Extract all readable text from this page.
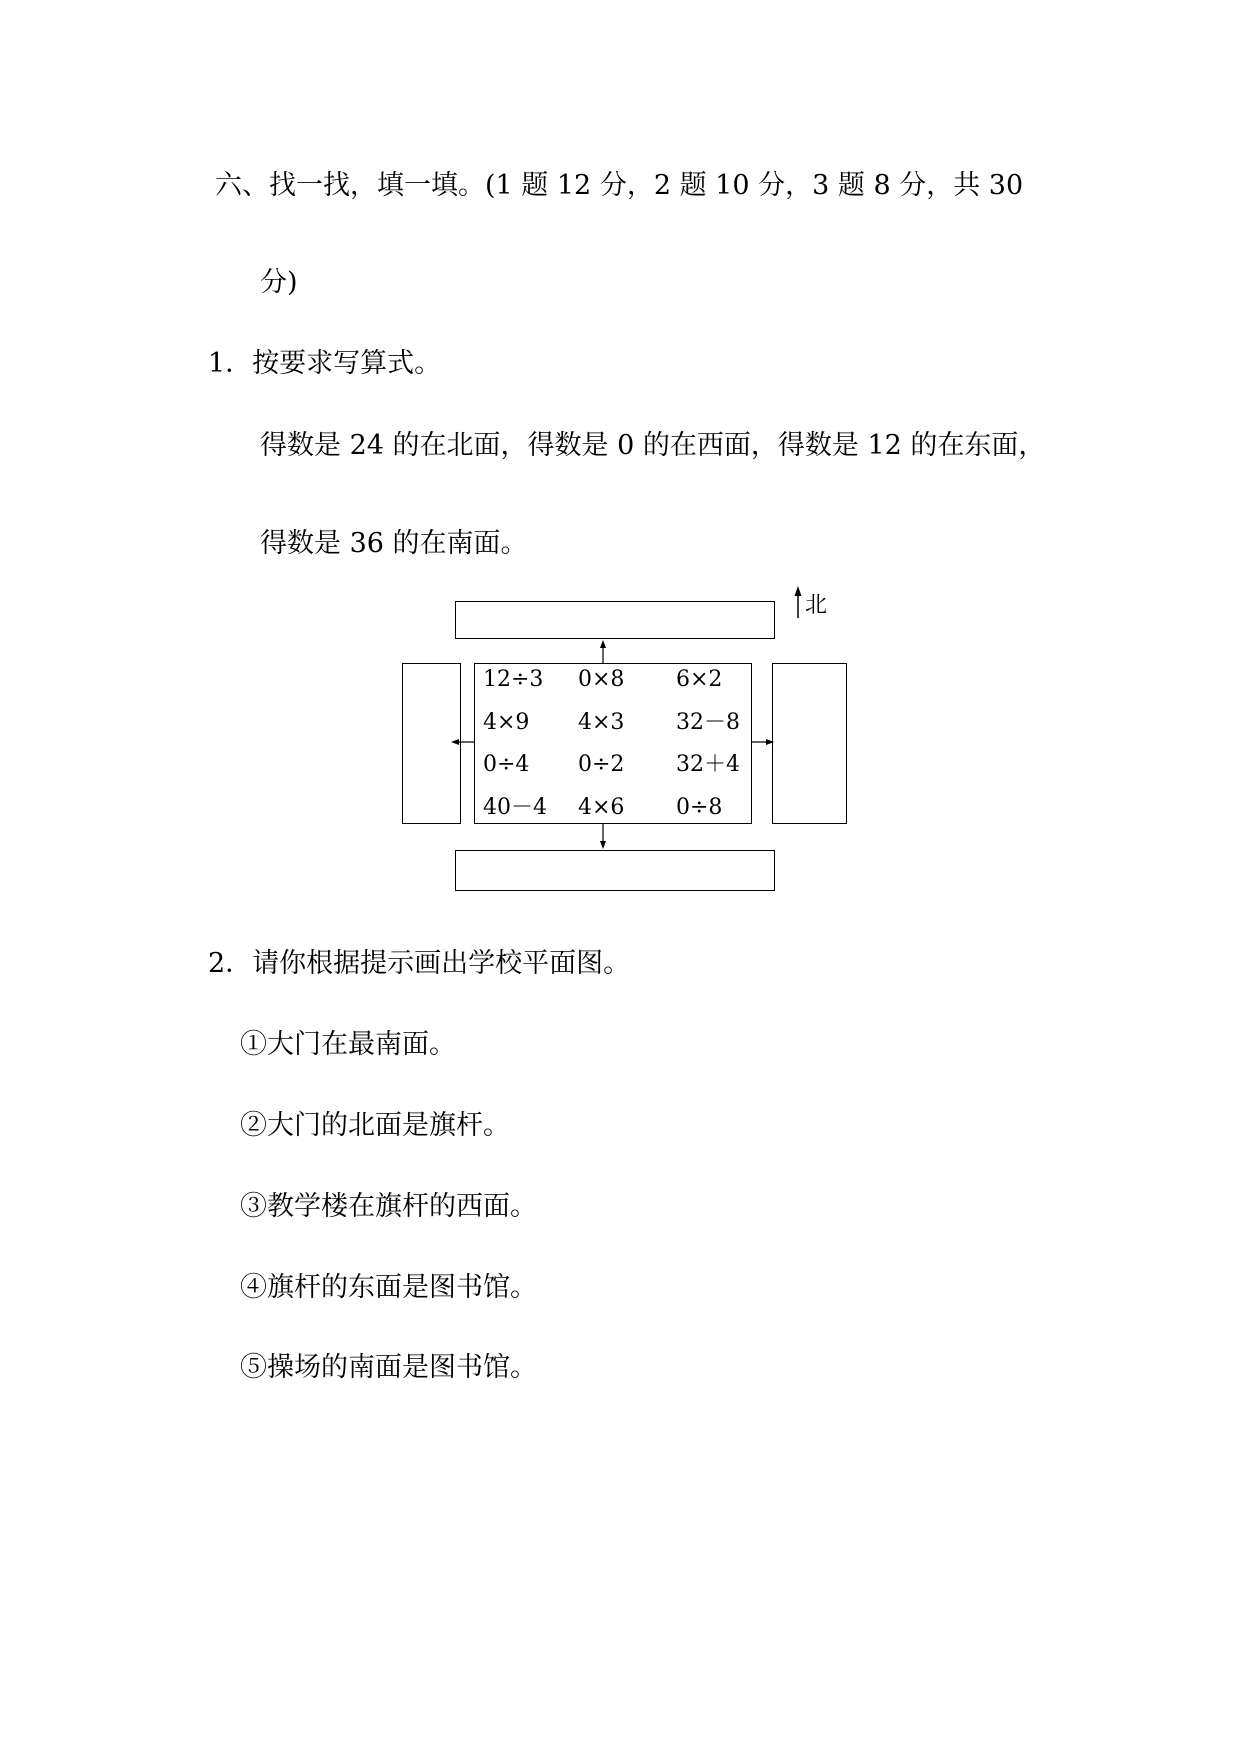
六、找一找，填一填。(1 题 12 分，2 题 10 分，3 题 8 分，共 30
分)
1．按要求写算式。
得数是 24 的在北面，得数是 0 的在西面，得数是 12 的在东面，
得数是 36 的在南面。
北
12÷3 0×8 6×2
4×9 4×3 32－8
0÷4 0÷2 32＋4
40－4 4×6 0÷8
2．请你根据提示画出学校平面图。
①大门在最南面。
②大门的北面是旗杆。
③教学楼在旗杆的西面。
④旗杆的东面是图书馆。
⑤操场的南面是图书馆。
